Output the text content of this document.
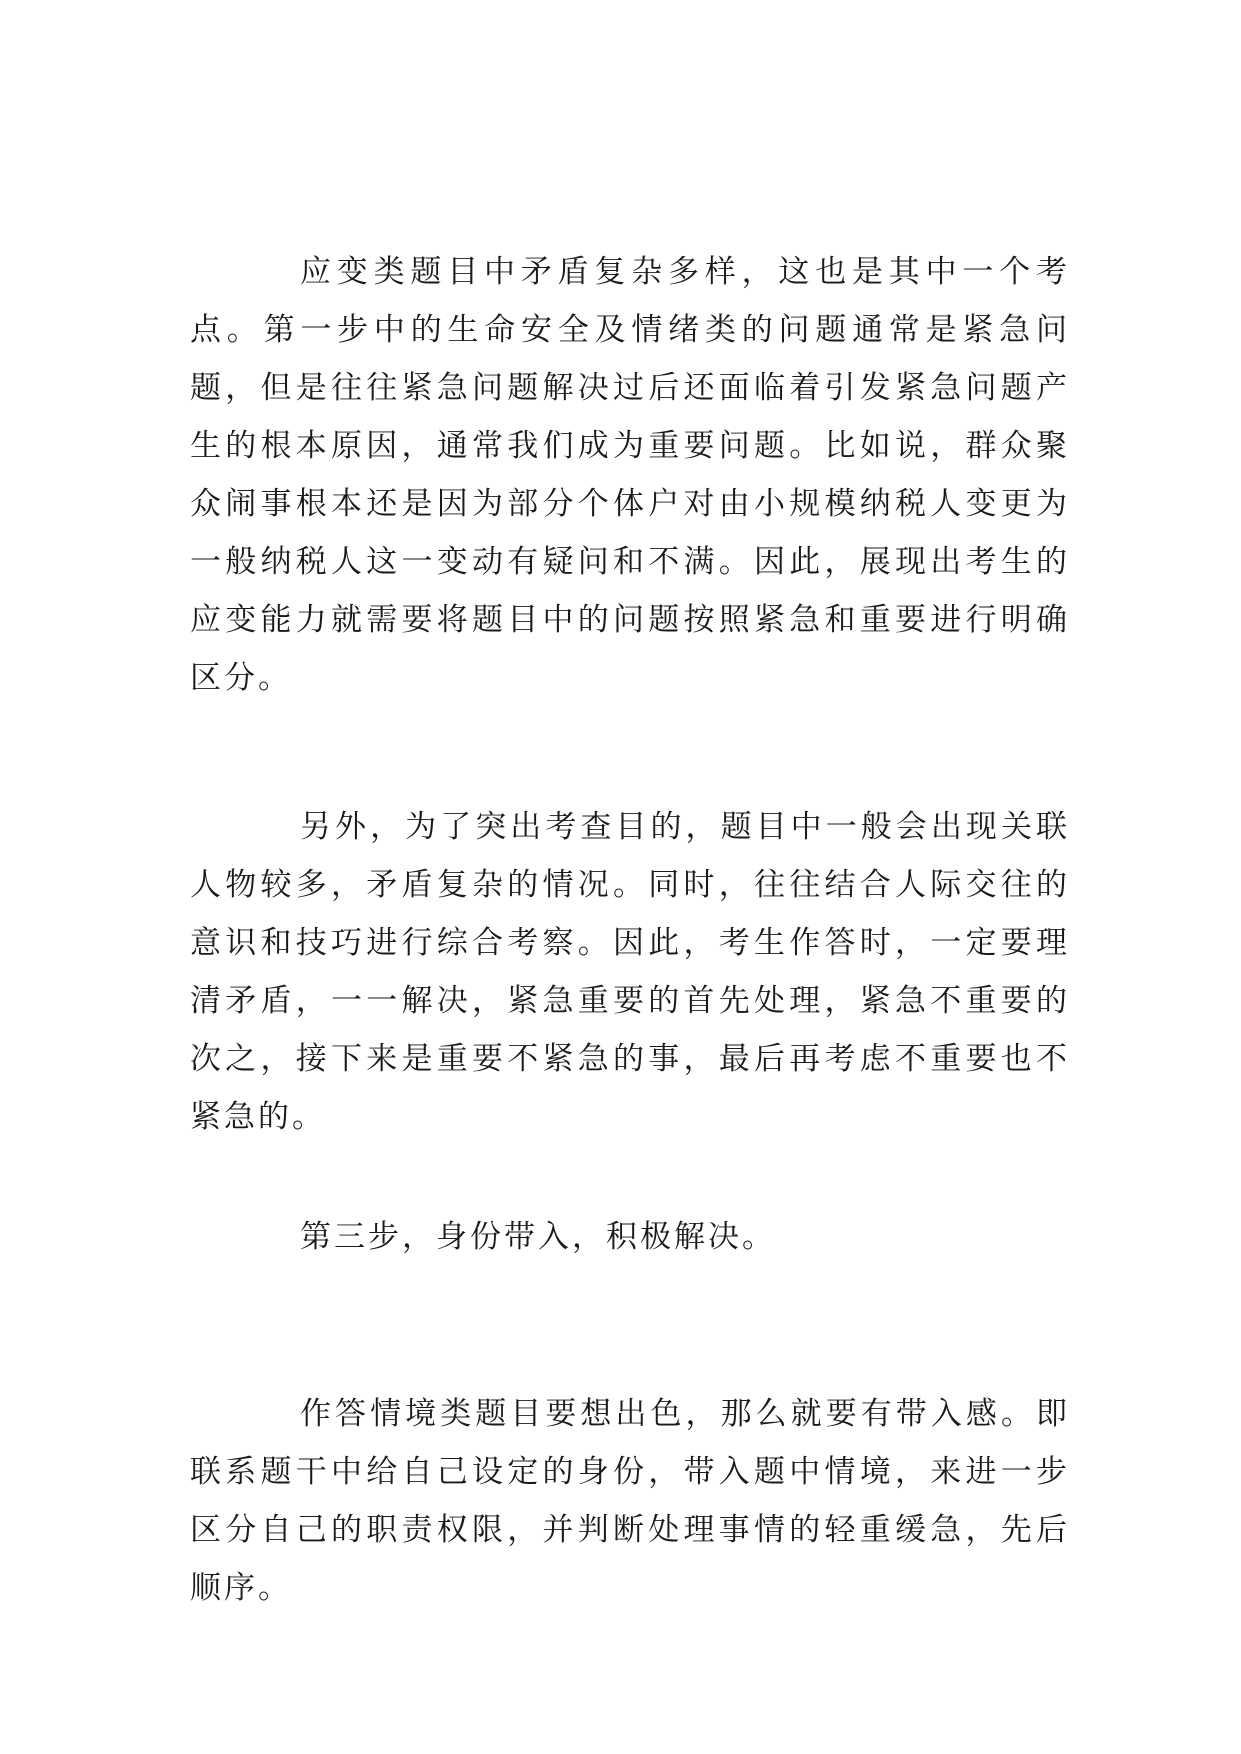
应变类题目中矛盾复杂多样，这也是其中一个考点。第一步中的生命安全及情绪类的问题通常是紧急问题，但是往往紧急问题解决过后还面临着引发紧急问题产生的根本原因，通常我们成为重要问题。比如说，群众聚众闹事根本还是因为部分个体户对由小规模纳税人变更为一般纳税人这一变动有疑问和不满。因此，展现出考生的应变能力就需要将题目中的问题按照紧急和重要进行明确区分。

另外，为了突出考查目的，题目中一般会出现关联人物较多，矛盾复杂的情况。同时，往往结合人际交往的意识和技巧进行综合考察。因此，考生作答时，一定要理清矛盾，一一解决，紧急重要的首先处理，紧急不重要的次之，接下来是重要不紧急的事，最后再考虑不重要也不紧急的。

第三步，身份带入，积极解决。

作答情境类题目要想出色，那么就要有带入感。即联系题干中给自己设定的身份，带入题中情境，来进一步区分自己的职责权限，并判断处理事情的轻重缓急，先后顺序。
